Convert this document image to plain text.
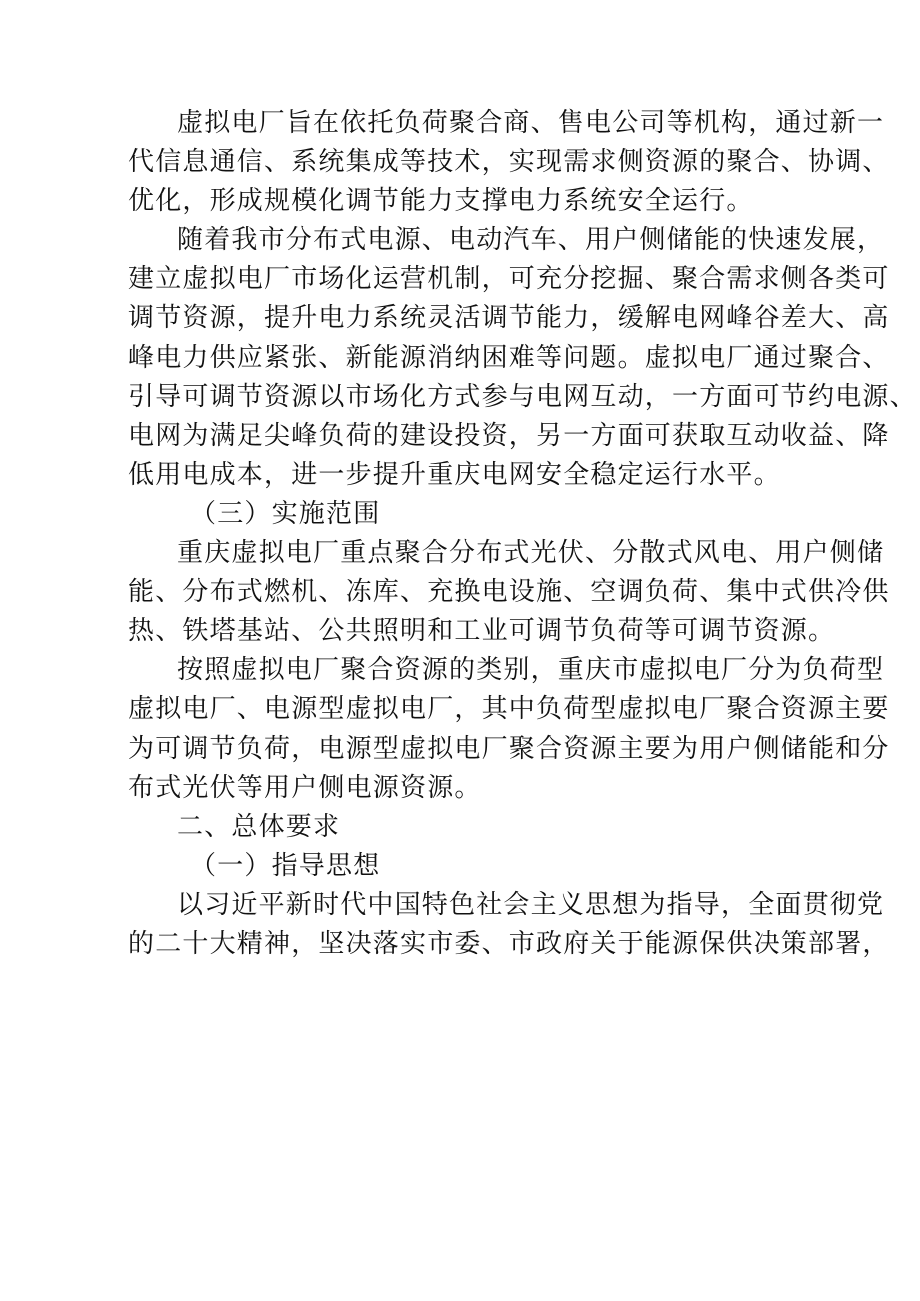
虚拟电厂旨在依托负荷聚合商、售电公司等机构，通过新一

代信息通信、系统集成等技术，实现需求侧资源的聚合、协调、

优化，形成规模化调节能力支撑电力系统安全运行。

随着我市分布式电源、电动汽车、用户侧储能的快速发展，

建立虚拟电厂市场化运营机制，可充分挖掘、聚合需求侧各类可

调节资源，提升电力系统灵活调节能力，缓解电网峰谷差大、高

峰电力供应紧张、新能源消纳困难等问题。虚拟电厂通过聚合、

引导可调节资源以市场化方式参与电网互动，一方面可节约电源、

电网为满足尖峰负荷的建设投资，另一方面可获取互动收益、降

低用电成本，进一步提升重庆电网安全稳定运行水平。

（三）实施范围

重庆虚拟电厂重点聚合分布式光伏、分散式风电、用户侧储

能、分布式燃机、冻库、充换电设施、空调负荷、集中式供冷供

热、铁塔基站、公共照明和工业可调节负荷等可调节资源。

按照虚拟电厂聚合资源的类别，重庆市虚拟电厂分为负荷型

虚拟电厂、电源型虚拟电厂，其中负荷型虚拟电厂聚合资源主要

为可调节负荷，电源型虚拟电厂聚合资源主要为用户侧储能和分

布式光伏等用户侧电源资源。

二、总体要求

（一）指导思想

以习近平新时代中国特色社会主义思想为指导，全面贯彻党

的二十大精神，坚决落实市委、市政府关于能源保供决策部署，
